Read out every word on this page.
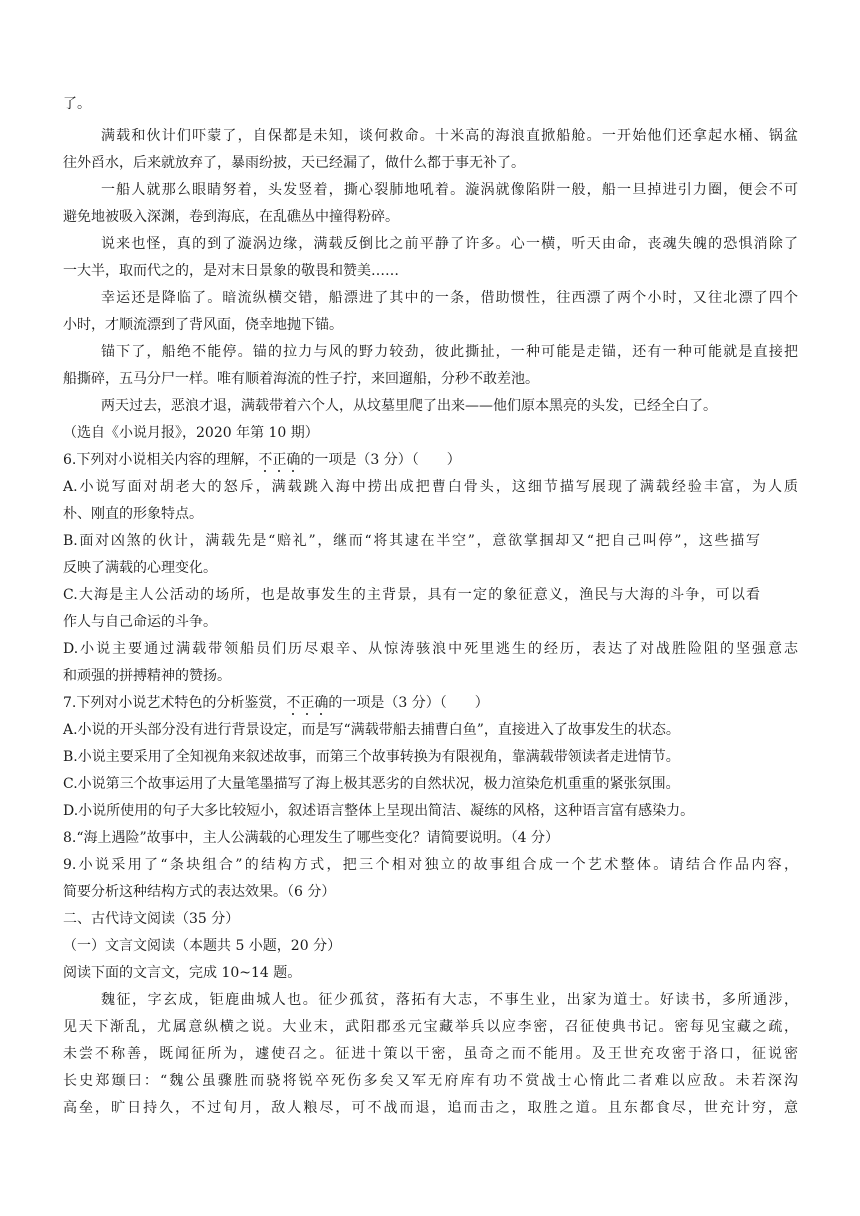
了。
满载和伙计们吓蒙了，自保都是未知，谈何救命。十米高的海浪直掀船舱。一开始他们还拿起水桶、锅盆
往外舀水，后来就放弃了，暴雨纷披，天已经漏了，做什么都于事无补了。
一船人就那么眼睛努着，头发竖着，撕心裂肺地吼着。漩涡就像陷阱一般，船一旦掉进引力圈，便会不可
避免地被吸入深渊，卷到海底，在乱礁丛中撞得粉碎。
说来也怪，真的到了漩涡边缘，满载反倒比之前平静了许多。心一横，听天由命，丧魂失魄的恐惧消除了
一大半，取而代之的，是对末日景象的敬畏和赞美……
幸运还是降临了。暗流纵横交错，船漂进了其中的一条，借助惯性，往西漂了两个小时，又往北漂了四个
小时，才顺流漂到了背风面，侥幸地抛下锚。
锚下了，船绝不能停。锚的拉力与风的野力较劲，彼此撕扯，一种可能是走锚，还有一种可能就是直接把
船撕碎，五马分尸一样。唯有顺着海流的性子拧，来回遛船，分秒不敢差池。
两天过去，恶浪才退，满载带着六个人，从坟墓里爬了出来——他们原本黑亮的头发，已经全白了。
（选自《小说月报》，2020 年第 10 期）
6.下列对小说相关内容的理解，不正确的一项是（3 分）（　　）
A.小说写面对胡老大的怒斥，满载跳入海中捞出成把曹白骨头，这细节描写展现了满载经验丰富，为人质
朴、刚直的形象特点。
B.面对凶煞的伙计，满载先是“赔礼”，继而“将其逮在半空”，意欲掌掴却又“把自己叫停”，这些描写
反映了满载的心理变化。
C.大海是主人公活动的场所，也是故事发生的主背景，具有一定的象征意义，渔民与大海的斗争，可以看
作人与自己命运的斗争。
D.小说主要通过满载带领船员们历尽艰辛、从惊涛骇浪中死里逃生的经历，表达了对战胜险阻的坚强意志
和顽强的拼搏精神的赞扬。
7.下列对小说艺术特色的分析鉴赏，不正确的一项是（3 分）（　　）
A.小说的开头部分没有进行背景设定，而是写“满载带船去捕曹白鱼”，直接进入了故事发生的状态。
B.小说主要采用了全知视角来叙述故事，而第三个故事转换为有限视角，靠满载带领读者走进情节。
C.小说第三个故事运用了大量笔墨描写了海上极其恶劣的自然状况，极力渲染危机重重的紧张氛围。
D.小说所使用的句子大多比较短小，叙述语言整体上呈现出简洁、凝练的风格，这种语言富有感染力。
8.“海上遇险”故事中，主人公满载的心理发生了哪些变化？请简要说明。（4 分）
9.小说采用了“条块组合”的结构方式，把三个相对独立的故事组合成一个艺术整体。请结合作品内容，
简要分析这种结构方式的表达效果。（6 分）
二、古代诗文阅读（35 分）
（一）文言文阅读（本题共 5 小题，20 分）
阅读下面的文言文，完成 10~14 题。
魏征，字玄成，钜鹿曲城人也。征少孤贫，落拓有大志，不事生业，出家为道士。好读书，多所通涉，
见天下渐乱，尤属意纵横之说。大业末，武阳郡丞元宝藏举兵以应李密，召征使典书记。密每见宝藏之疏，
未尝不称善，既闻征所为，遽使召之。征进十策以干密，虽奇之而不能用。及王世充攻密于洛口，征说密
长史郑颋曰：“魏公虽骤胜而骁将锐卒死伤多矣又军无府库有功不赏战士心惰此二者难以应敌。未若深沟
高垒，旷日持久，不过旬月，敌人粮尽，可不战而退，追而击之，取胜之道。且东都食尽，世充计穷，意
